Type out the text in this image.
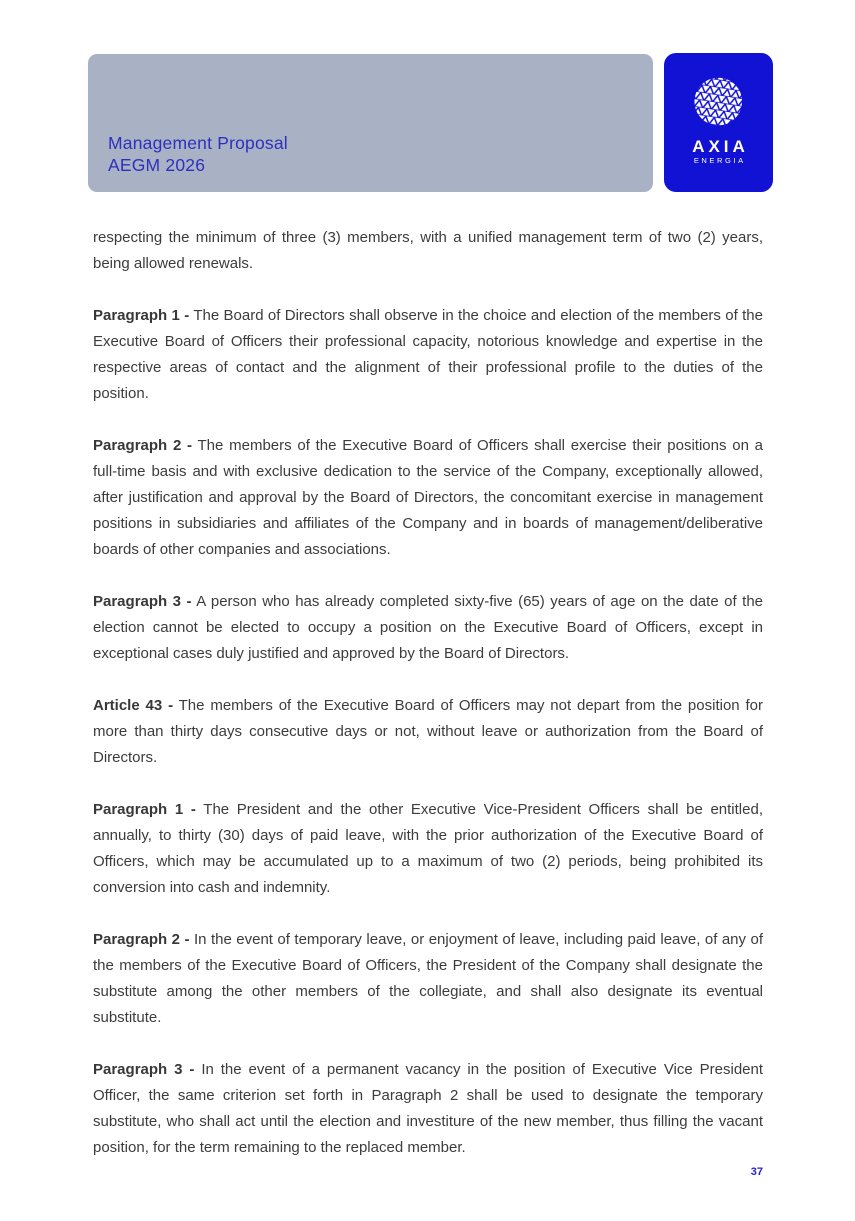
Management Proposal
AEGM 2026
AXIA
ENERGIA

respecting the minimum of three (3) members, with a unified management term of two (2) years, being allowed renewals.

Paragraph 1 - The Board of Directors shall observe in the choice and election of the members of the Executive Board of Officers their professional capacity, notorious knowledge and expertise in the respective areas of contact and the alignment of their professional profile to the duties of the position.

Paragraph 2 - The members of the Executive Board of Officers shall exercise their positions on a full-time basis and with exclusive dedication to the service of the Company, exceptionally allowed, after justification and approval by the Board of Directors, the concomitant exercise in management positions in subsidiaries and affiliates of the Company and in boards of management/deliberative boards of other companies and associations.

Paragraph 3 - A person who has already completed sixty-five (65) years of age on the date of the election cannot be elected to occupy a position on the Executive Board of Officers, except in exceptional cases duly justified and approved by the Board of Directors.

Article 43 - The members of the Executive Board of Officers may not depart from the position for more than thirty days consecutive days or not, without leave or authorization from the Board of Directors.

Paragraph 1 - The President and the other Executive Vice-President Officers shall be entitled, annually, to thirty (30) days of paid leave, with the prior authorization of the Executive Board of Officers, which may be accumulated up to a maximum of two (2) periods, being prohibited its conversion into cash and indemnity.

Paragraph 2 - In the event of temporary leave, or enjoyment of leave, including paid leave, of any of the members of the Executive Board of Officers, the President of the Company shall designate the substitute among the other members of the collegiate, and shall also designate its eventual substitute.

Paragraph 3 - In the event of a permanent vacancy in the position of Executive Vice President Officer, the same criterion set forth in Paragraph 2 shall be used to designate the temporary substitute, who shall act until the election and investiture of the new member, thus filling the vacant position, for the term remaining to the replaced member.

37
